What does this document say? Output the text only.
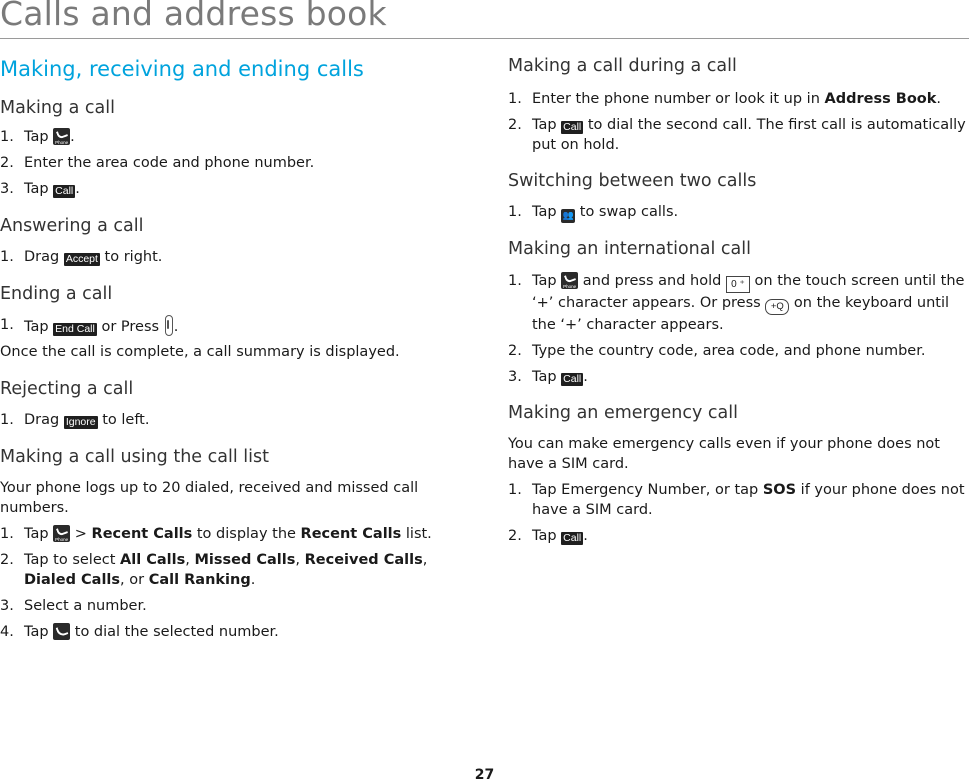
Calls and address book
Making, receiving and ending calls
Making a call
1. Tap Phone.
2. Enter the area code and phone number.
3. Tap Call .
Answering a call
1. Drag Accept to right.
Ending a call
1. Tap End Call or Press .

Once the call is complete, a call summary is displayed.

Rejecting a call
1. Drag Ignore to left.
Making a call using the call list

Your phone logs up to 20 dialed, received and missed call numbers.

1. Tap Phone > Recent Calls to display the Recent Calls list.
2. Tap to select All Calls, Missed Calls, Received Calls, Dialed Calls, or Call Ranking.
3. Select a number.
4. Tap  to dial the selected number.
Making a call during a call
1. Enter the phone number or look it up in Address Book.
2. Tap Call to dial the second call. The first call is automatically put on hold.
Switching between two calls
1. Tap 👥 to swap calls.
Making an international call
1. Tap Phone and press and hold 0 ⁺ on the touch screen until the ‘+’ character appears. Or press +Q on the keyboard until the ‘+’ character appears.
2. Type the country code, area code, and phone number.
3. Tap Call .
Making an emergency call

You can make emergency calls even if your phone does not have a SIM card.

1. Tap Emergency Number, or tap SOS if your phone does not have a SIM card.
2. Tap Call .
27
